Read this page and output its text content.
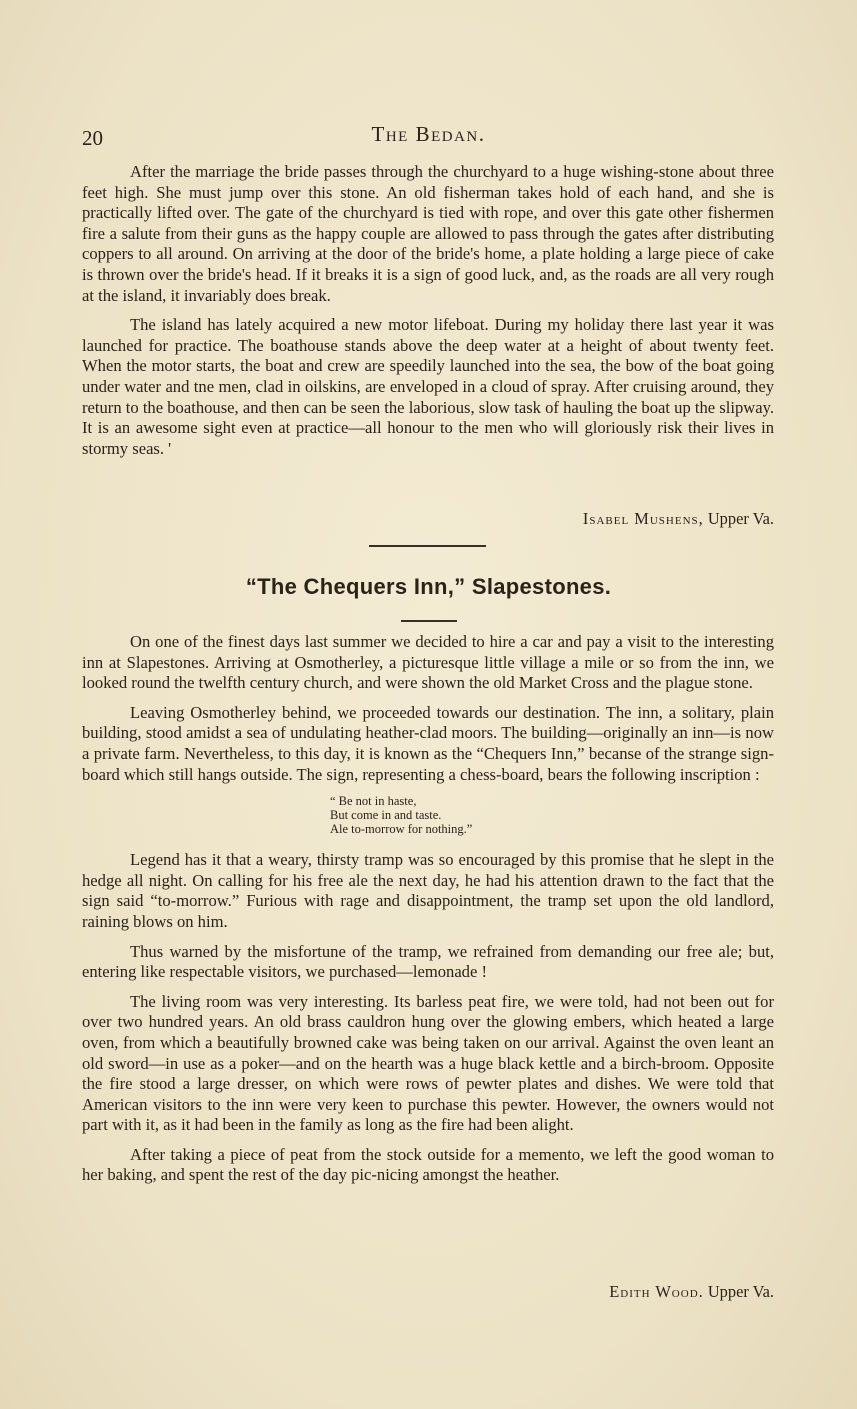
20	The Bedan.

After the marriage the bride passes through the churchyard to a huge wishing-stone about three feet high. She must jump over this stone. An old fisherman takes hold of each hand, and she is practically lifted over. The gate of the churchyard is tied with rope, and over this gate other fishermen fire a salute from their guns as the happy couple are allowed to pass through the gates after distributing coppers to all around. On arriving at the door of the bride's home, a plate holding a large piece of cake is thrown over the bride's head. If it breaks it is a sign of good luck, and, as the roads are all very rough at the island, it invariably does break.

The island has lately acquired a new motor lifeboat. During my holiday there last year it was launched for practice. The boathouse stands above the deep water at a height of about twenty feet. When the motor starts, the boat and crew are speedily launched into the sea, the bow of the boat going under water and tne men, clad in oilskins, are enveloped in a cloud of spray. After cruising around, they return to the boathouse, and then can be seen the laborious, slow task of hauling the boat up the slipway. It is an awesome sight even at practice—all honour to the men who will gloriously risk their lives in stormy seas. '

Isabel Mushens, Upper Va.
“The Chequers Inn,” Slapestones.

On one of the finest days last summer we decided to hire a car and pay a visit to the interesting inn at Slapestones. Arriving at Osmotherley, a picturesque little village a mile or so from the inn, we looked round the twelfth century church, and were shown the old Market Cross and the plague stone.

Leaving Osmotherley behind, we proceeded towards our destination. The inn, a solitary, plain building, stood amidst a sea of undulating heather-clad moors. The building—originally an inn—is now a private farm. Nevertheless, to this day, it is known as the “Chequers Inn,” becanse of the strange sign-board which still hangs outside. The sign, representing a chess-board, bears the following inscription :

“ Be not in haste,
But come in and taste.
Ale to-morrow for nothing.”

Legend has it that a weary, thirsty tramp was so encouraged by this promise that he slept in the hedge all night. On calling for his free ale the next day, he had his attention drawn to the fact that the sign said “to-morrow.” Furious with rage and disappointment, the tramp set upon the old landlord, raining blows on him.

Thus warned by the misfortune of the tramp, we refrained from demanding our free ale; but, entering like respectable visitors, we purchased—lemonade !

The living room was very interesting. Its barless peat fire, we were told, had not been out for over two hundred years. An old brass cauldron hung over the glowing embers, which heated a large oven, from which a beautifully browned cake was being taken on our arrival. Against the oven leant an old sword—in use as a poker—and on the hearth was a huge black kettle and a birch-broom. Opposite the fire stood a large dresser, on which were rows of pewter plates and dishes. We were told that American visitors to the inn were very keen to purchase this pewter. However, the owners would not part with it, as it had been in the family as long as the fire had been alight.

After taking a piece of peat from the stock outside for a memento, we left the good woman to her baking, and spent the rest of the day pic-nicing amongst the heather.

Edith Wood. Upper Va.
